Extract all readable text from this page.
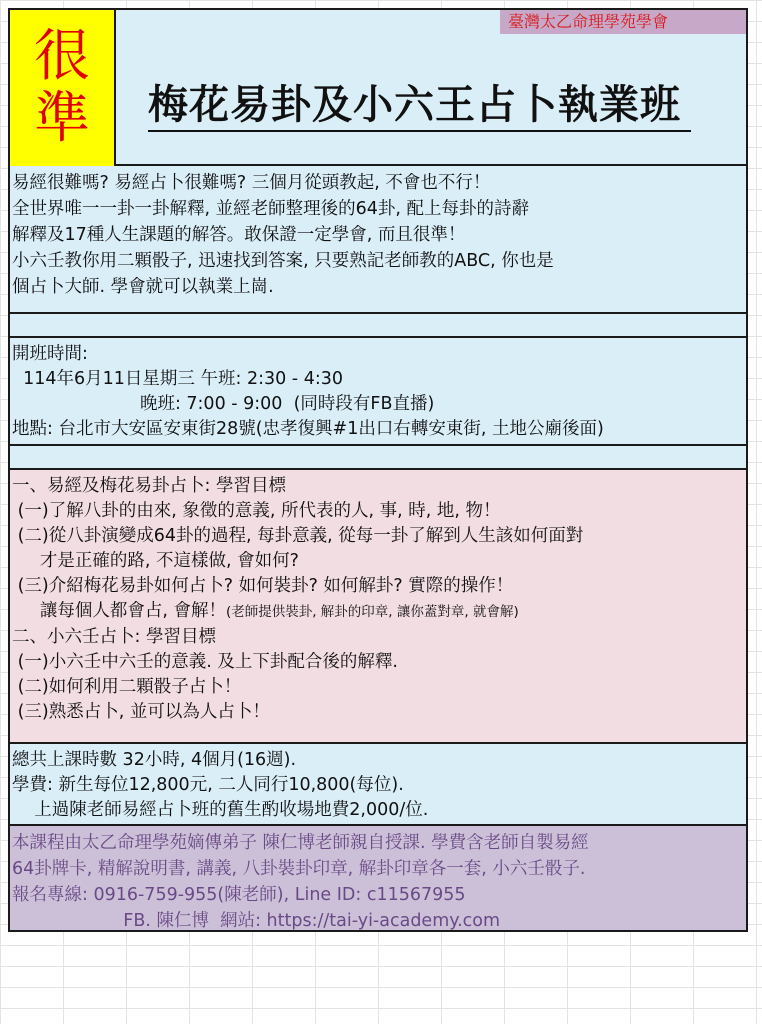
很
準
臺灣太乙命理學苑學會
梅花易卦及小六王占卜執業班
易經很難嗎? 易經占卜很難嗎? 三個月從頭教起, 不會也不行！
全世界唯一一卦一卦解釋, 並經老師整理後的64卦, 配上每卦的詩辭
解釋及17種人生課題的解答。敢保證一定學會, 而且很準！
小六壬教你用二顆骰子, 迅速找到答案, 只要熟記老師教的ABC, 你也是
個占卜大師. 學會就可以執業上崗.
開班時間:
114年6月11日星期三 午班: 2:30 - 4:30
晚班: 7:00 - 9:00  (同時段有FB直播)
地點: 台北市大安區安東街28號(忠孝復興#1出口右轉安東街, 土地公廟後面)
一、易經及梅花易卦占卜: 學習目標
(一)了解八卦的由來, 象徵的意義, 所代表的人, 事, 時, 地, 物！
(二)從八卦演變成64卦的過程, 每卦意義, 從每一卦了解到人生該如何面對
才是正確的路, 不這樣做, 會如何?
(三)介紹梅花易卦如何占卜? 如何裝卦? 如何解卦? 實際的操作！
讓每個人都會占, 會解！(老師提供裝卦, 解卦的印章, 讓你蓋對章, 就會解)
二、小六壬占卜: 學習目標
(一)小六壬中六壬的意義. 及上下卦配合後的解釋.
(二)如何利用二顆骰子占卜！
(三)熟悉占卜, 並可以為人占卜！
總共上課時數 32小時, 4個月(16週).
學費: 新生每位12,800元, 二人同行10,800(每位).
上過陳老師易經占卜班的舊生酌收場地費2,000/位.
本課程由太乙命理學苑嫡傳弟子 陳仁博老師親自授課. 學費含老師自製易經
64卦牌卡, 精解說明書, 講義, 八卦裝卦印章, 解卦印章各一套, 小六壬骰子.
報名專線: 0916-759-955(陳老師), Line ID: c11567955
FB. 陳仁博  網站: https://tai-yi-academy.com
